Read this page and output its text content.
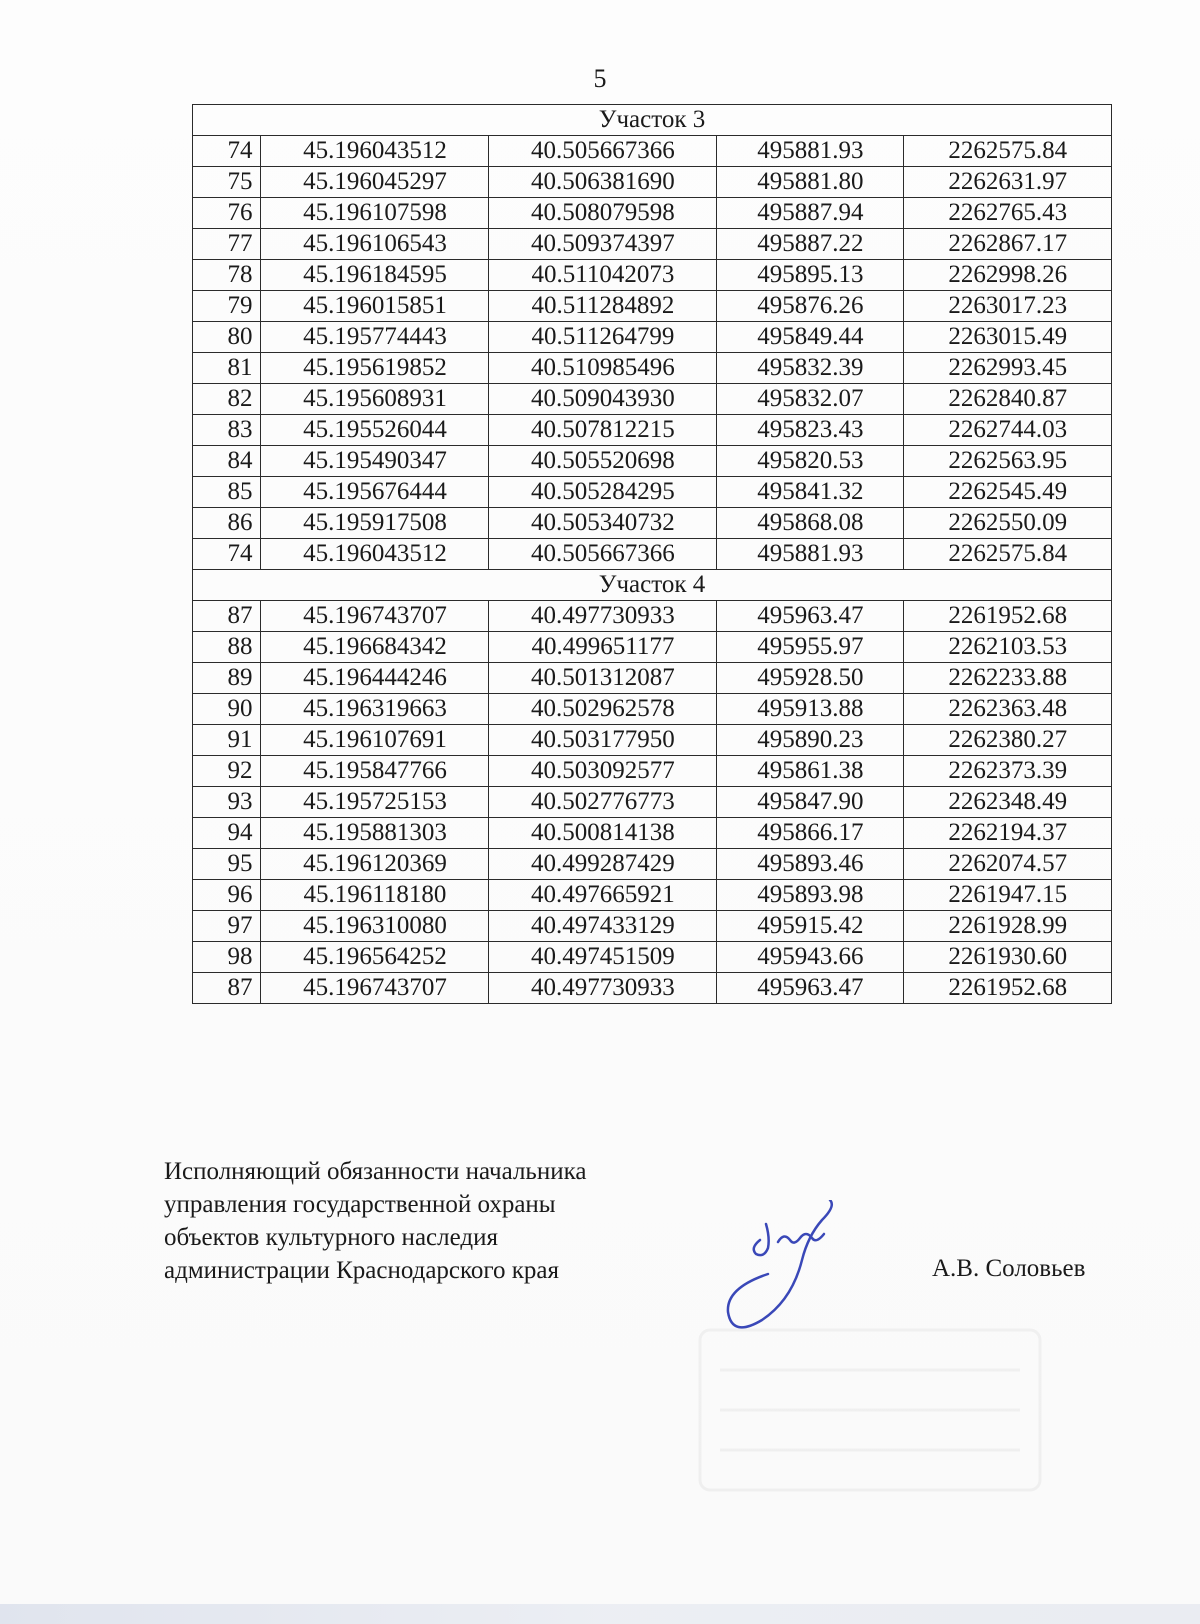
5
Участок 3				
74	45.196043512	40.505667366	495881.93	2262575.84
75	45.196045297	40.506381690	495881.80	2262631.97
76	45.196107598	40.508079598	495887.94	2262765.43
77	45.196106543	40.509374397	495887.22	2262867.17
78	45.196184595	40.511042073	495895.13	2262998.26
79	45.196015851	40.511284892	495876.26	2263017.23
80	45.195774443	40.511264799	495849.44	2263015.49
81	45.195619852	40.510985496	495832.39	2262993.45
82	45.195608931	40.509043930	495832.07	2262840.87
83	45.195526044	40.507812215	495823.43	2262744.03
84	45.195490347	40.505520698	495820.53	2262563.95
85	45.195676444	40.505284295	495841.32	2262545.49
86	45.195917508	40.505340732	495868.08	2262550.09
74	45.196043512	40.505667366	495881.93	2262575.84
Участок 4				
87	45.196743707	40.497730933	495963.47	2261952.68
88	45.196684342	40.499651177	495955.97	2262103.53
89	45.196444246	40.501312087	495928.50	2262233.88
90	45.196319663	40.502962578	495913.88	2262363.48
91	45.196107691	40.503177950	495890.23	2262380.27
92	45.195847766	40.503092577	495861.38	2262373.39
93	45.195725153	40.502776773	495847.90	2262348.49
94	45.195881303	40.500814138	495866.17	2262194.37
95	45.196120369	40.499287429	495893.46	2262074.57
96	45.196118180	40.497665921	495893.98	2261947.15
97	45.196310080	40.497433129	495915.42	2261928.99
98	45.196564252	40.497451509	495943.66	2261930.60
87	45.196743707	40.497730933	495963.47	2261952.68
Исполняющий обязанности начальника
управления государственной охраны
объектов культурного наследия
администрации Краснодарского края	А.В. Соловьев
